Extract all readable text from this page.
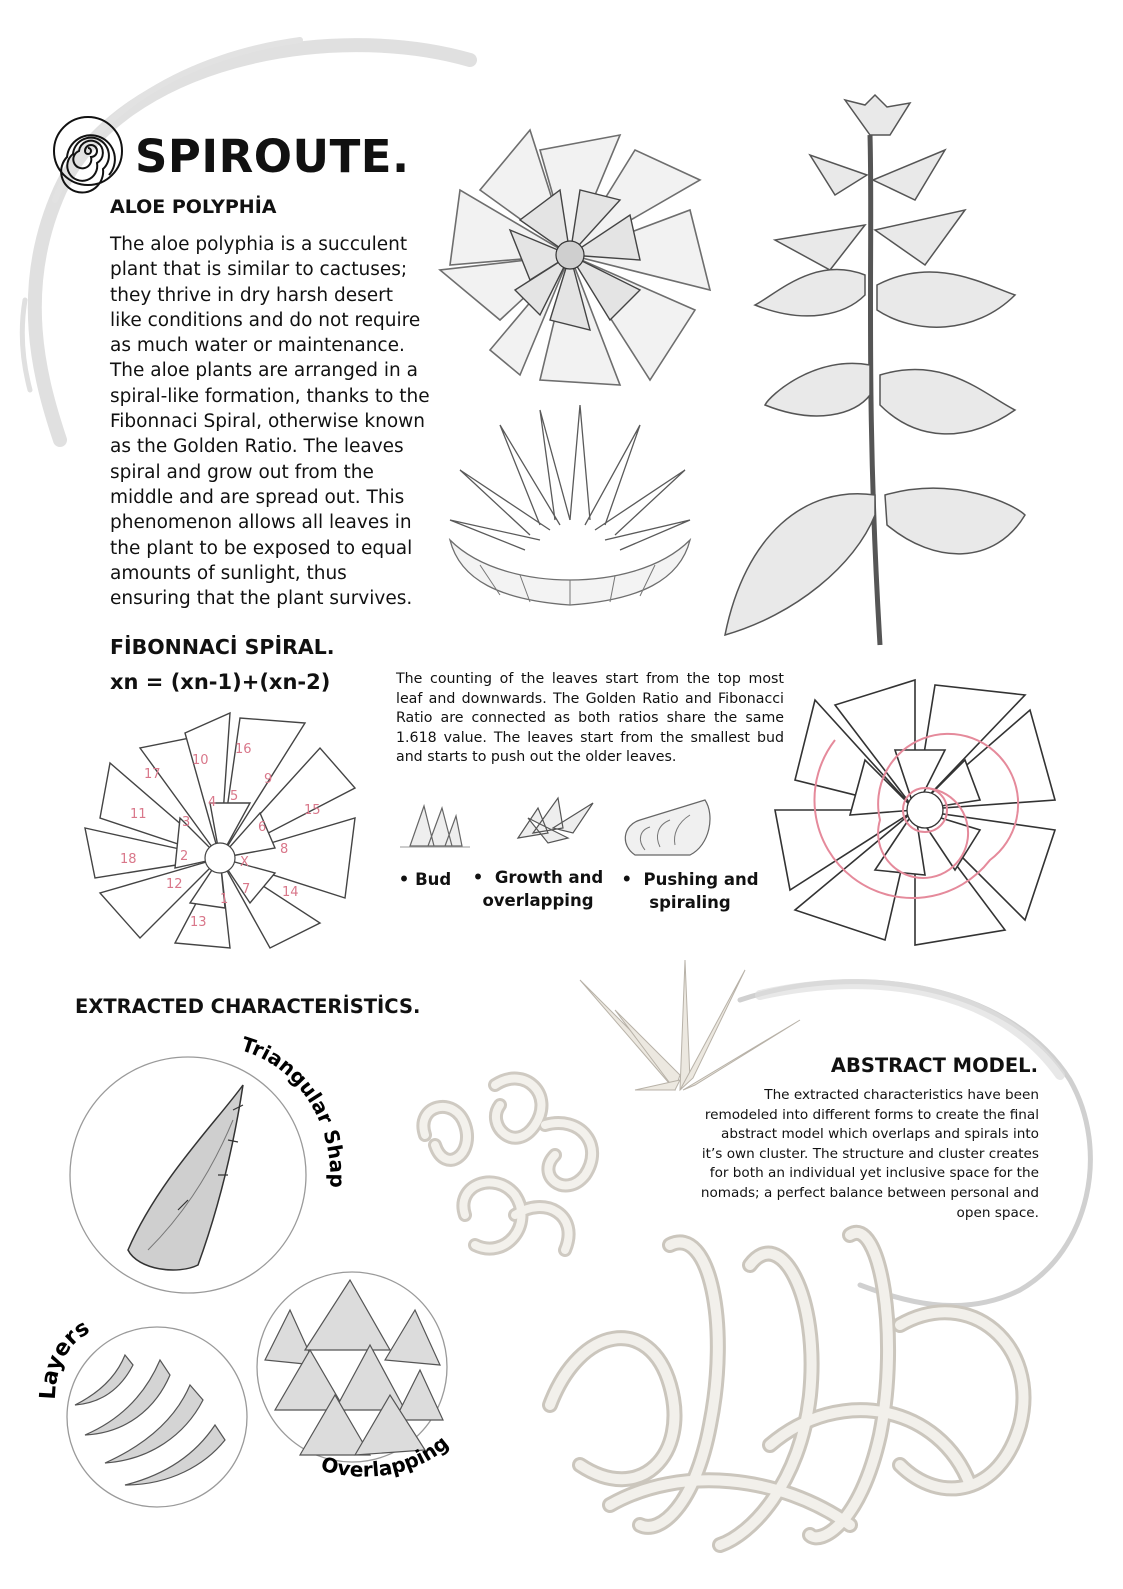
SPIROUTE.
ALOE POLYPHİA

The aloe polyphia is a succulent plant that is similar to cactuses; they thrive in dry harsh desert like conditions and do not require as much water or maintenance.

The aloe plants are arranged in a spiral-like formation, thanks to the Fibonnaci Spiral, otherwise known as the Golden Ratio. The leaves spiral and grow out from the middle and are spread out. This phenomenon allows all leaves in the plant to be exposed to equal amounts of sunlight, thus ensuring that the plant survives.

FİBONNACİ SPİRAL.
xn = (xn-1)+(xn-2)
1
2
3
4 5
6
7
8
9
10
11
12
13
14
15
16
17
18	X
The counting of the leaves start from the top most leaf and downwards. The Golden Ratio and Fibonacci Ratio are connected as both ratios share the same 1.618 value. The leaves start from the smallest bud and starts to push out the older leaves.
• Bud	•  Growth and
overlapping
•  Pushing and
spiraling
EXTRACTED CHARACTERİSTİCS.
Triangular Shape
Layers
Overlapping
ABSTRACT MODEL.
The extracted characteristics have been remodeled into different forms to create the final abstract model which overlaps and spirals into it’s own cluster. The structure and cluster creates for both an individual yet inclusive space for the nomads; a perfect balance between personal and open space.
